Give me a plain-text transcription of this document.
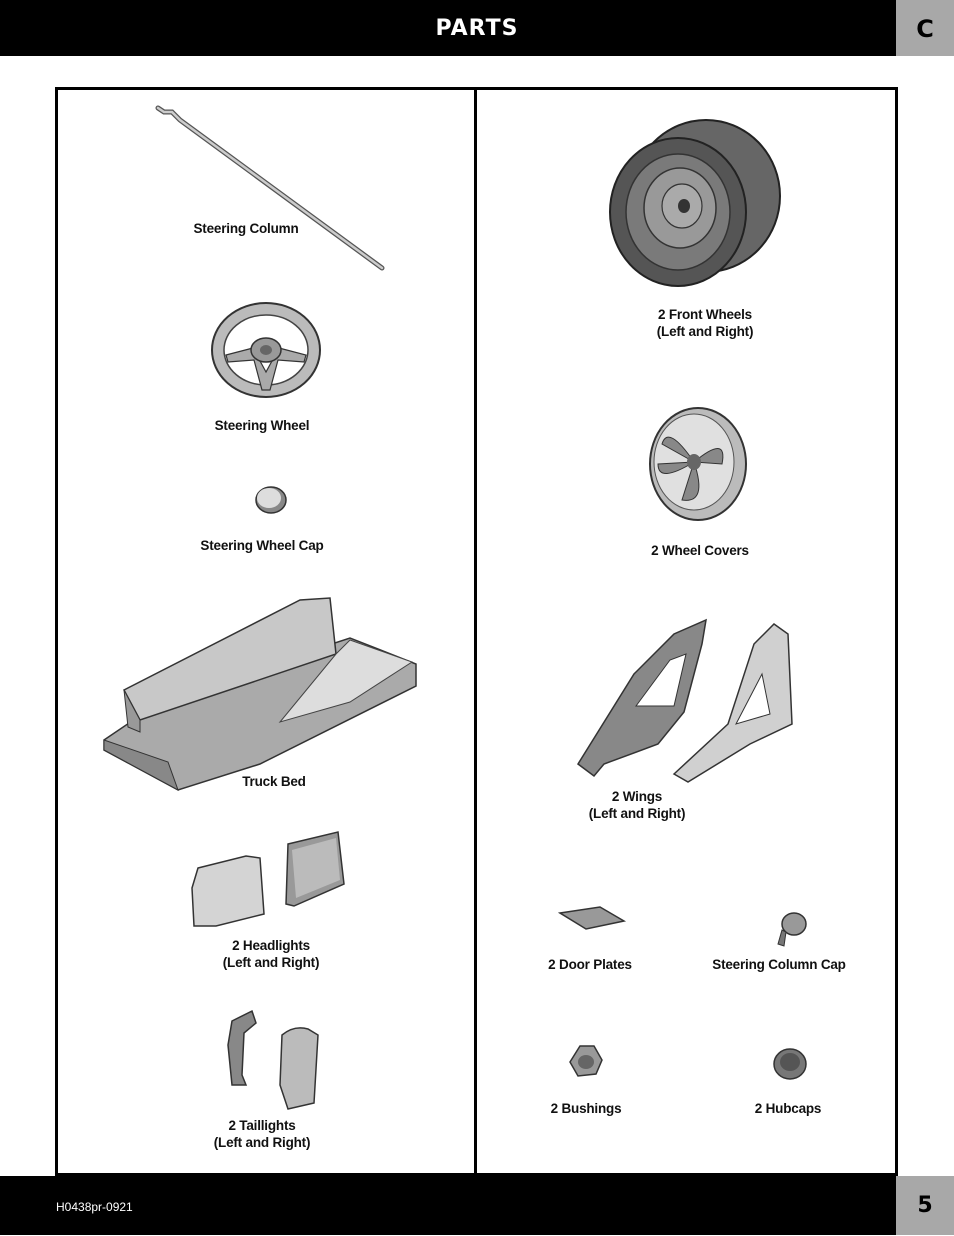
PARTS	C
Steering Column
Steering Wheel
Steering Wheel Cap
Truck Bed
2 Headlights
(Left and Right)
2 Taillights
(Left and Right)
2 Front Wheels
(Left and Right)
2 Wheel Covers
2 Wings
(Left and Right)
2 Door Plates	Steering Column Cap
2 Bushings	2 Hubcaps
H0438pr-0921	5
